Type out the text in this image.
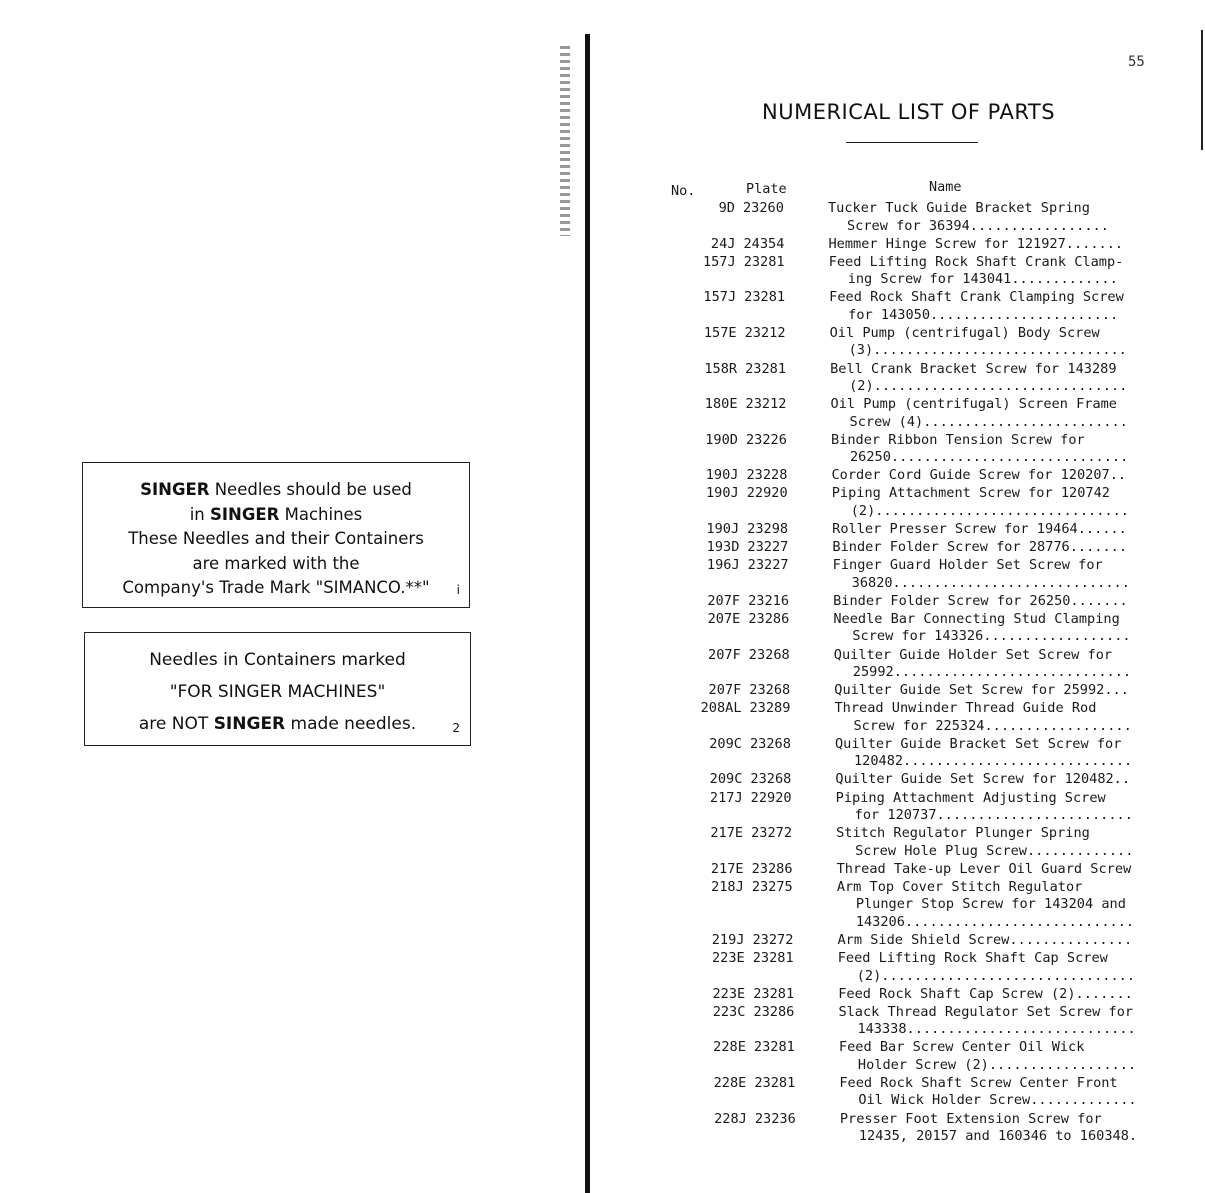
SINGER Needles should be used
in SINGER Machines
These Needles and their Containers
are marked with the
Company's Trade Mark "SIMANCO.**"	i
Needles in Containers marked
"FOR SINGER MACHINES"
are NOT SINGER made needles.	2
55
NUMERICAL LIST OF PARTS
No.	Plate	Name
9D 23260	Tucker Tuck Guide Bracket Spring
Screw for 36394.................
24J 24354	Hemmer Hinge Screw for 121927.......
157J 23281	Feed Lifting Rock Shaft Crank Clamp-
ing Screw for 143041.............
157J 23281	Feed Rock Shaft Crank Clamping Screw
for 143050.......................
157E 23212	Oil Pump (centrifugal) Body Screw
(3)...............................
158R 23281	Bell Crank Bracket Screw for 143289
(2)...............................
180E 23212	Oil Pump (centrifugal) Screen Frame
Screw (4).........................
190D 23226	Binder Ribbon Tension Screw for
26250.............................
190J 23228	Corder Cord Guide Screw for 120207..
190J 22920	Piping Attachment Screw for 120742
(2)...............................
190J 23298	Roller Presser Screw for 19464......
193D 23227	Binder Folder Screw for 28776.......
196J 23227	Finger Guard Holder Set Screw for
36820.............................
207F 23216	Binder Folder Screw for 26250.......
207E 23286	Needle Bar Connecting Stud Clamping
Screw for 143326..................
207F 23268	Quilter Guide Holder Set Screw for
25992.............................
207F 23268	Quilter Guide Set Screw for 25992...
208AL 23289	Thread Unwinder Thread Guide Rod
Screw for 225324..................
209C 23268	Quilter Guide Bracket Set Screw for
120482............................
209C 23268	Quilter Guide Set Screw for 120482..
217J 22920	Piping Attachment Adjusting Screw
for 120737........................
217E 23272	Stitch Regulator Plunger Spring
Screw Hole Plug Screw.............
217E 23286	Thread Take-up Lever Oil Guard Screw
218J 23275	Arm Top Cover Stitch Regulator
Plunger Stop Screw for 143204 and
143206............................
219J 23272	Arm Side Shield Screw...............
223E 23281	Feed Lifting Rock Shaft Cap Screw
(2)...............................
223E 23281	Feed Rock Shaft Cap Screw (2).......
223C 23286	Slack Thread Regulator Set Screw for
143338............................
228E 23281	Feed Bar Screw Center Oil Wick
Holder Screw (2)..................
228E 23281	Feed Rock Shaft Screw Center Front
Oil Wick Holder Screw.............
228J 23236	Presser Foot Extension Screw for
12435, 20157 and 160346 to 160348.
